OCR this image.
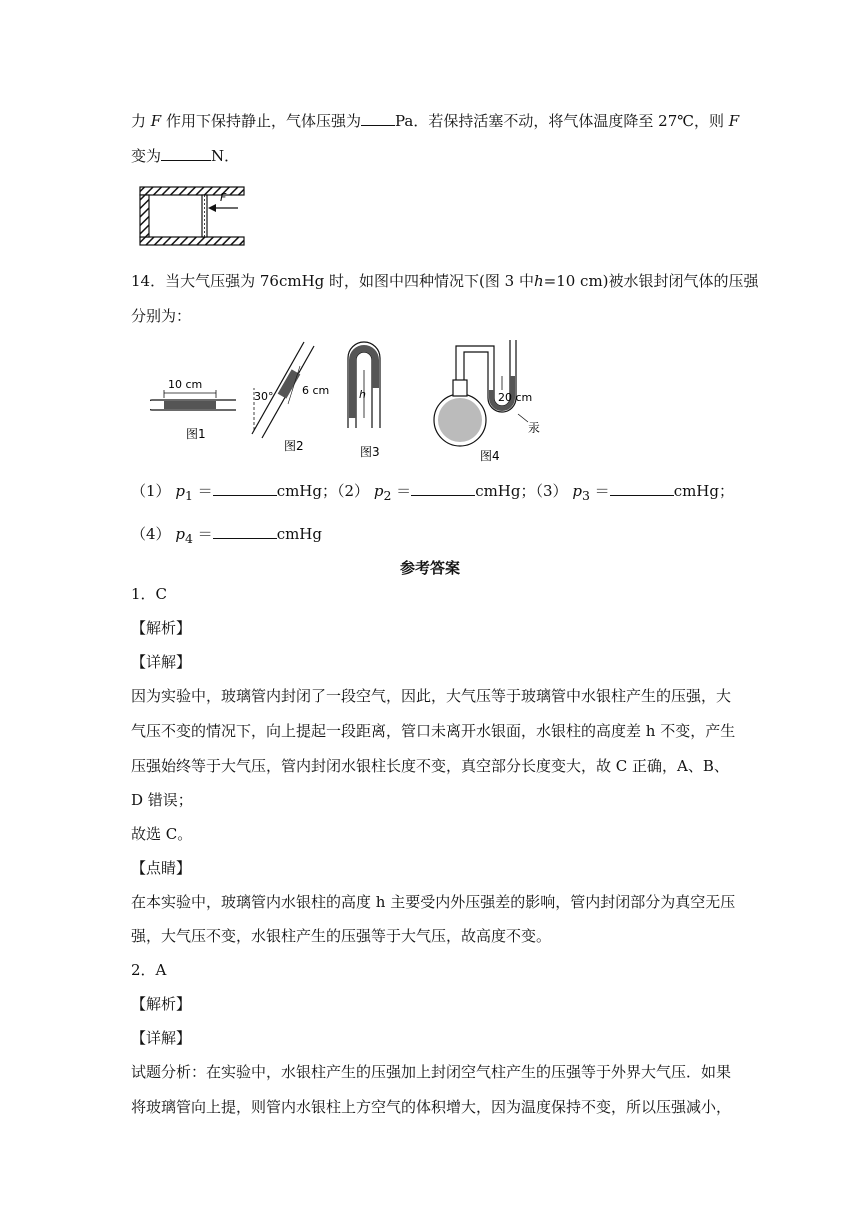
力 F 作用下保持静止，气体压强为 Pa．若保持活塞不动，将气体温度降至 27℃，则 F
变为	N．
F
14．当大气压强为 76cmHg 时，如图中四种情况下(图 3 中h=10 cm)被水银封闭气体的压强
分别为：
10 cm
图1
30°	6 cm
图2
h
图3
20 cm
汞
图4
（1） $p_1$ ＝	cmHg；（2） $p_2$ ＝	cmHg；（3） $p_3$ ＝	cmHg；
（4） $p_4$ ＝	cmHg
参考答案
1．C
【解析】
【详解】
因为实验中，玻璃管内封闭了一段空气，因此，大气压等于玻璃管中水银柱产生的压强，大
气压不变的情况下，向上提起一段距离，管口未离开水银面，水银柱的高度差 h 不变，产生
压强始终等于大气压，管内封闭水银柱长度不变，真空部分长度变大，故 C 正确，A、B、
D 错误；
故选 C。
【点睛】
在本实验中，玻璃管内水银柱的高度 h 主要受内外压强差的影响，管内封闭部分为真空无压
强，大气压不变，水银柱产生的压强等于大气压，故高度不变。
2．A
【解析】
【详解】
试题分析：在实验中，水银柱产生的压强加上封闭空气柱产生的压强等于外界大气压．如果
将玻璃管向上提，则管内水银柱上方空气的体积增大，因为温度保持不变，所以压强减小，
